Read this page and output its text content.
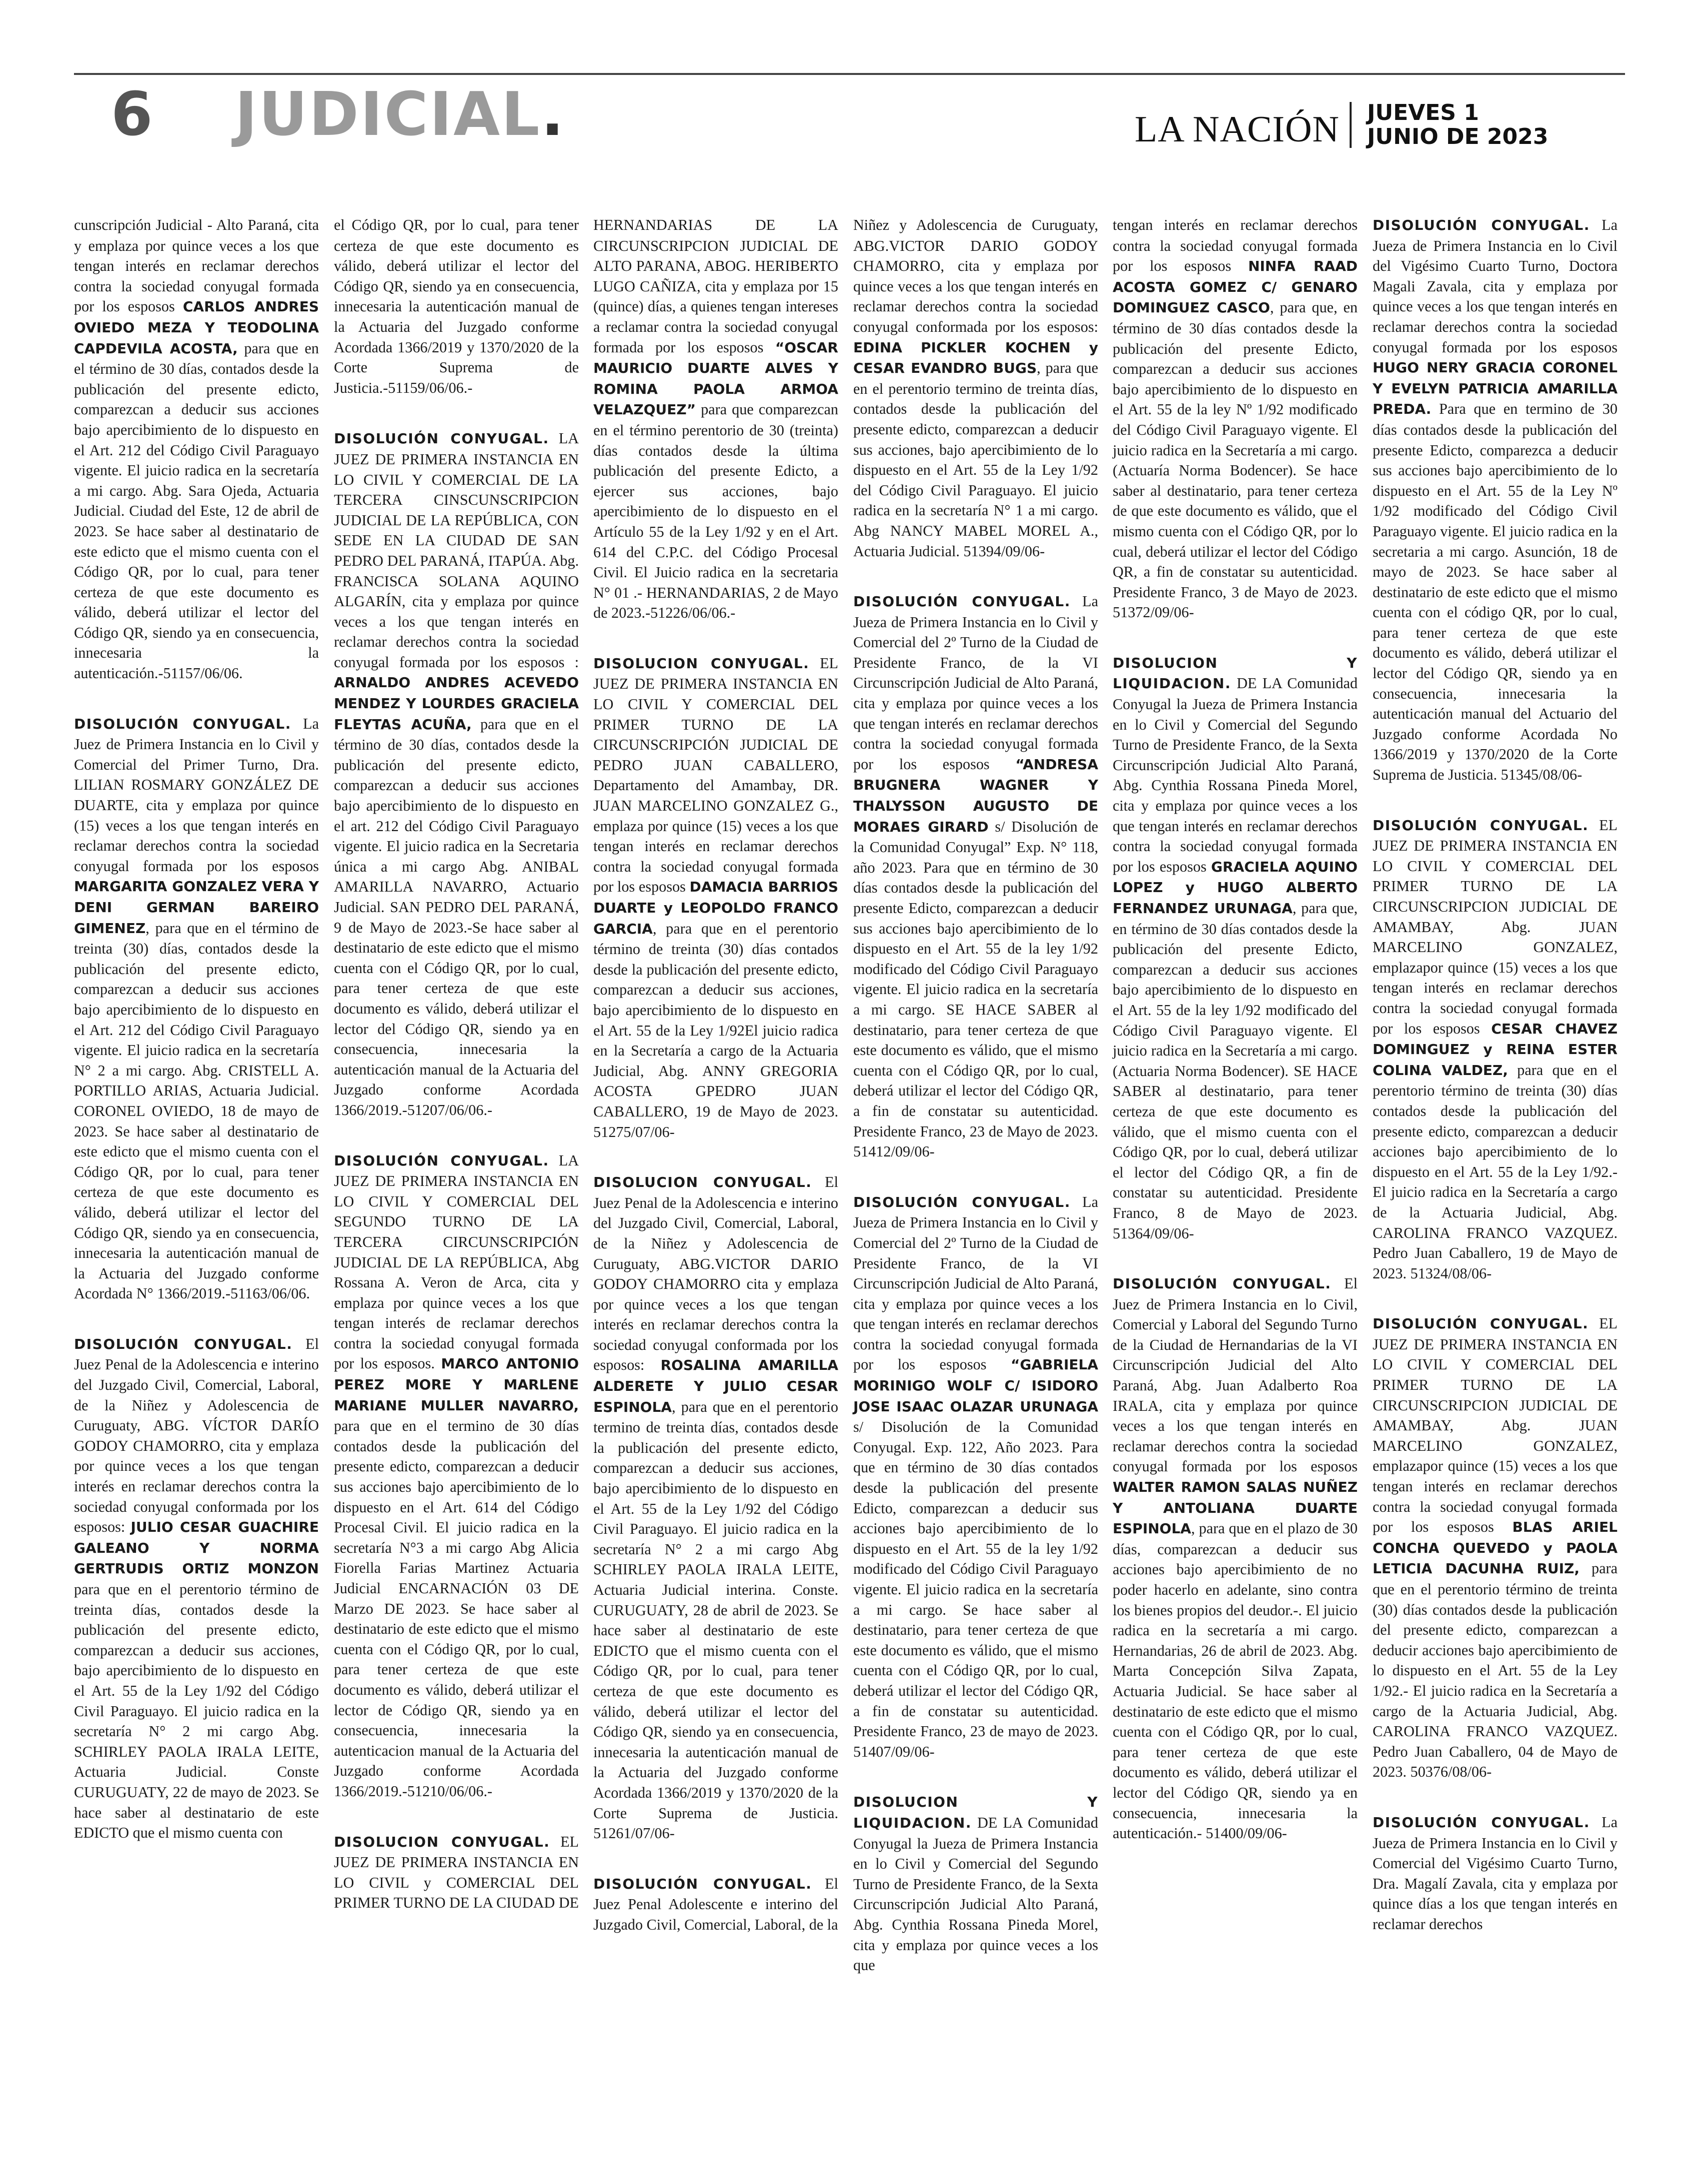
6 JUDICIAL.	LA NACIÓN JUEVES 1
JUNIO DE 2023

cunscripción Judicial - Alto Paraná, cita y emplaza por quince veces a los que tengan interés en reclamar derechos contra la sociedad conyugal formada por los esposos CARLOS ANDRES OVIEDO MEZA Y TEODOLINA CAPDEVILA ACOSTA, para que en el término de 30 días, contados desde la publicación del presente edicto, comparezcan a deducir sus acciones bajo apercibimiento de lo dispuesto en el Art. 212 del Código Civil Paraguayo vigente. El juicio radica en la secretaría a mi cargo. Abg. Sara Ojeda, Actuaria Judicial. Ciudad del Este, 12 de abril de 2023. Se hace saber al destinatario de este edicto que el mismo cuenta con el Código QR, por lo cual, para tener certeza de que este documento es válido, deberá utilizar el lector del Código QR, siendo ya en consecuencia, innecesaria la autenticación.-51157/06/06.

DISOLUCIÓN CONYUGAL. La Juez de Primera Instancia en lo Civil y Comercial del Primer Turno, Dra. LILIAN ROSMARY GONZÁLEZ DE DUARTE, cita y emplaza por quince (15) veces a los que tengan interés en reclamar derechos contra la sociedad conyugal formada por los esposos MARGARITA GONZALEZ VERA Y DENI GERMAN BAREIRO GIMENEZ, para que en el término de treinta (30) días, contados desde la publicación del presente edicto, comparezcan a deducir sus acciones bajo apercibimiento de lo dispuesto en el Art. 212 del Código Civil Paraguayo vigente. El juicio radica en la secretaría N° 2 a mi cargo. Abg. CRISTELL A. PORTILLO ARIAS, Actuaria Judicial. CORONEL OVIEDO, 18 de mayo de 2023. Se hace saber al destinatario de este edicto que el mismo cuenta con el Código QR, por lo cual, para tener certeza de que este documento es válido, deberá utilizar el lector del Código QR, siendo ya en consecuencia, innecesaria la autenticación manual de la Actuaria del Juzgado conforme Acordada N° 1366/2019.-51163/06/06.

DISOLUCIÓN CONYUGAL. El Juez Penal de la Adolescencia e interino del Juzgado Civil, Comercial, Laboral, de la Niñez y Adolescencia de Curuguaty, ABG. VÍCTOR DARÍO GODOY CHAMORRO, cita y emplaza por quince veces a los que tengan interés en reclamar derechos contra la sociedad conyugal conformada por los esposos: JULIO CESAR GUACHIRE GALEANO Y NORMA GERTRUDIS ORTIZ MONZON para que en el perentorio término de treinta días, contados desde la publicación del presente edicto, comparezcan a deducir sus acciones, bajo apercibimiento de lo dispuesto en el Art. 55 de la Ley 1/92 del Código Civil Paraguayo. El juicio radica en la secretaría N° 2 mi cargo Abg. SCHIRLEY PAOLA IRALA LEITE, Actuaria Judicial. Conste CURUGUATY, 22 de mayo de 2023. Se hace saber al destinatario de este EDICTO que el mismo cuenta con

el Código QR, por lo cual, para tener certeza de que este documento es válido, deberá utilizar el lector del Código QR, siendo ya en consecuencia, innecesaria la autenticación manual de la Actuaria del Juzgado conforme Acordada 1366/2019 y 1370/2020 de la Corte Suprema de Justicia.-51159/06/06.-

DISOLUCIÓN CONYUGAL. LA JUEZ DE PRIMERA INSTANCIA EN LO CIVIL Y COMERCIAL DE LA TERCERA CINSCUNSCRIPCION JUDICIAL DE LA REPÚBLICA, CON SEDE EN LA CIUDAD DE SAN PEDRO DEL PARANÁ, ITAPÚA. Abg. FRANCISCA SOLANA AQUINO ALGARÍN, cita y emplaza por quince veces a los que tengan interés en reclamar derechos contra la sociedad conyugal formada por los esposos : ARNALDO ANDRES ACEVEDO MENDEZ Y LOURDES GRACIELA FLEYTAS ACUÑA, para que en el término de 30 días, contados desde la publicación del presente edicto, comparezcan a deducir sus acciones bajo apercibimiento de lo dispuesto en el art. 212 del Código Civil Paraguayo vigente. El juicio radica en la Secretaria única a mi cargo Abg. ANIBAL AMARILLA NAVARRO, Actuario Judicial. SAN PEDRO DEL PARANÁ, 9 de Mayo de 2023.-Se hace saber al destinatario de este edicto que el mismo cuenta con el Código QR, por lo cual, para tener certeza de que este documento es válido, deberá utilizar el lector del Código QR, siendo ya en consecuencia, innecesaria la autenticación manual de la Actuaria del Juzgado conforme Acordada 1366/2019.-51207/06/06.-

DISOLUCIÓN CONYUGAL. LA JUEZ DE PRIMERA INSTANCIA EN LO CIVIL Y COMERCIAL DEL SEGUNDO TURNO DE LA TERCERA CIRCUNSCRIPCIÓN JUDICIAL DE LA REPÚBLICA, Abg Rossana A. Veron de Arca, cita y emplaza por quince veces a los que tengan interés de reclamar derechos contra la sociedad conyugal formada por los esposos. MARCO ANTONIO PEREZ MORE Y MARLENE MARIANE MULLER NAVARRO, para que en el termino de 30 días contados desde la publicación del presente edicto, comparezcan a deducir sus acciones bajo apercibimiento de lo dispuesto en el Art. 614 del Código Procesal Civil. El juicio radica en la secretaría N°3 a mi cargo Abg Alicia Fiorella Farias Martinez Actuaria Judicial ENCARNACIÓN 03 DE Marzo DE 2023. Se hace saber al destinatario de este edicto que el mismo cuenta con el Código QR, por lo cual, para tener certeza de que este documento es válido, deberá utilizar el lector de Código QR, siendo ya en consecuencia, innecesaria la autenticacion manual de la Actuaria del Juzgado conforme Acordada 1366/2019.-51210/06/06.-

DISOLUCION CONYUGAL. EL JUEZ DE PRIMERA INSTANCIA EN LO CIVIL y COMERCIAL DEL PRIMER TURNO DE LA CIUDAD DE

HERNANDARIAS DE LA CIRCUNSCRIPCION JUDICIAL DE ALTO PARANA, ABOG. HERIBERTO LUGO CAÑIZA, cita y emplaza por 15 (quince) días, a quienes tengan intereses a reclamar contra la sociedad conyugal formada por los esposos “OSCAR MAURICIO DUARTE ALVES Y ROMINA PAOLA ARMOA VELAZQUEZ” para que comparezcan en el término perentorio de 30 (treinta) días contados desde la última publicación del presente Edicto, a ejercer sus acciones, bajo apercibimiento de lo dispuesto en el Artículo 55 de la Ley 1/92 y en el Art. 614 del C.P.C. del Código Procesal Civil. El Juicio radica en la secretaria N° 01 .- HERNANDARIAS, 2 de Mayo de 2023.-51226/06/06.-

DISOLUCION CONYUGAL. EL JUEZ DE PRIMERA INSTANCIA EN LO CIVIL Y COMERCIAL DEL PRIMER TURNO DE LA CIRCUNSCRIPCIÓN JUDICIAL DE PEDRO JUAN CABALLERO, Departamento del Amambay, DR. JUAN MARCELINO GONZALEZ G., emplaza por quince (15) veces a los que tengan interés en reclamar derechos contra la sociedad conyugal formada por los esposos DAMACIA BARRIOS DUARTE y LEOPOLDO FRANCO GARCIA, para que en el perentorio término de treinta (30) días contados desde la publicación del presente edicto, comparezcan a deducir sus acciones, bajo apercibimiento de lo dispuesto en el Art. 55 de la Ley 1/92El juicio radica en la Secretaría a cargo de la Actuaria Judicial, Abg. ANNY GREGORIA ACOSTA GPEDRO JUAN CABALLERO, 19 de Mayo de 2023. 51275/07/06-

DISOLUCION CONYUGAL. El Juez Penal de la Adolescencia e interino del Juzgado Civil, Comercial, Laboral, de la Niñez y Adolescencia de Curuguaty, ABG.VICTOR DARIO GODOY CHAMORRO cita y emplaza por quince veces a los que tengan interés en reclamar derechos contra la sociedad conyugal conformada por los esposos: ROSALINA AMARILLA ALDERETE Y JULIO CESAR ESPINOLA, para que en el perentorio termino de treinta días, contados desde la publicación del presente edicto, comparezcan a deducir sus acciones, bajo apercibimiento de lo dispuesto en el Art. 55 de la Ley 1/92 del Código Civil Paraguayo. El juicio radica en la secretaría N° 2 a mi cargo Abg SCHIRLEY PAOLA IRALA LEITE, Actuaria Judicial interina. Conste. CURUGUATY, 28 de abril de 2023. Se hace saber al destinatario de este EDICTO que el mismo cuenta con el Código QR, por lo cual, para tener certeza de que este documento es válido, deberá utilizar el lector del Código QR, siendo ya en consecuencia, innecesaria la autenticación manual de la Actuaria del Juzgado conforme Acordada 1366/2019 y 1370/2020 de la Corte Suprema de Justicia. 51261/07/06-

DISOLUCIÓN CONYUGAL. El Juez Penal Adolescente e interino del Juzgado Civil, Comercial, Laboral, de la

Niñez y Adolescencia de Curuguaty, ABG.VICTOR DARIO GODOY CHAMORRO, cita y emplaza por quince veces a los que tengan interés en reclamar derechos contra la sociedad conyugal conformada por los esposos: EDINA PICKLER KOCHEN y CESAR EVANDRO BUGS, para que en el perentorio termino de treinta días, contados desde la publicación del presente edicto, comparezcan a deducir sus acciones, bajo apercibimiento de lo dispuesto en el Art. 55 de la Ley 1/92 del Código Civil Paraguayo. El juicio radica en la secretaría N° 1 a mi cargo. Abg NANCY MABEL MOREL A., Actuaria Judicial. 51394/09/06-

DISOLUCIÓN CONYUGAL. La Jueza de Primera Instancia en lo Civil y Comercial del 2º Turno de la Ciudad de Presidente Franco, de la VI Circunscripción Judicial de Alto Paraná, cita y emplaza por quince veces a los que tengan interés en reclamar derechos contra la sociedad conyugal formada por los esposos “ANDRESA BRUGNERA WAGNER Y THALYSSON AUGUSTO DE MORAES GIRARD s/ Disolución de la Comunidad Conyugal” Exp. N° 118, año 2023. Para que en término de 30 días contados desde la publicación del presente Edicto, comparezcan a deducir sus acciones bajo apercibimiento de lo dispuesto en el Art. 55 de la ley 1/92 modificado del Código Civil Paraguayo vigente. El juicio radica en la secretaría a mi cargo. SE HACE SABER al destinatario, para tener certeza de que este documento es válido, que el mismo cuenta con el Código QR, por lo cual, deberá utilizar el lector del Código QR, a fin de constatar su autenticidad. Presidente Franco, 23 de Mayo de 2023. 51412/09/06-

DISOLUCIÓN CONYUGAL. La Jueza de Primera Instancia en lo Civil y Comercial del 2º Turno de la Ciudad de Presidente Franco, de la VI Circunscripción Judicial de Alto Paraná, cita y emplaza por quince veces a los que tengan interés en reclamar derechos contra la sociedad conyugal formada por los esposos “GABRIELA MORINIGO WOLF C/ ISIDORO JOSE ISAAC OLAZAR URUNAGA s/ Disolución de la Comunidad Conyugal. Exp. 122, Año 2023. Para que en término de 30 días contados desde la publicación del presente Edicto, comparezcan a deducir sus acciones bajo apercibimiento de lo dispuesto en el Art. 55 de la ley 1/92 modificado del Código Civil Paraguayo vigente. El juicio radica en la secretaría a mi cargo. Se hace saber al destinatario, para tener certeza de que este documento es válido, que el mismo cuenta con el Código QR, por lo cual, deberá utilizar el lector del Código QR, a fin de constatar su autenticidad. Presidente Franco, 23 de mayo de 2023. 51407/09/06-

DISOLUCION Y LIQUIDACION. DE LA Comunidad Conyugal la Jueza de Primera Instancia en lo Civil y Comercial del Segundo Turno de Presidente Franco, de la Sexta Circunscripción Judicial Alto Paraná, Abg. Cynthia Rossana Pineda Morel, cita y emplaza por quince veces a los que

tengan interés en reclamar derechos contra la sociedad conyugal formada por los esposos NINFA RAAD ACOSTA GOMEZ C/ GENARO DOMINGUEZ CASCO, para que, en término de 30 días contados desde la publicación del presente Edicto, comparezcan a deducir sus acciones bajo apercibimiento de lo dispuesto en el Art. 55 de la ley Nº 1/92 modificado del Código Civil Paraguayo vigente. El juicio radica en la Secretaría a mi cargo. (Actuaría Norma Bodencer). Se hace saber al destinatario, para tener certeza de que este documento es válido, que el mismo cuenta con el Código QR, por lo cual, deberá utilizar el lector del Código QR, a fin de constatar su autenticidad. Presidente Franco, 3 de Mayo de 2023. 51372/09/06-

DISOLUCION Y LIQUIDACION. DE LA Comunidad Conyugal la Jueza de Primera Instancia en lo Civil y Comercial del Segundo Turno de Presidente Franco, de la Sexta Circunscripción Judicial Alto Paraná, Abg. Cynthia Rossana Pineda Morel, cita y emplaza por quince veces a los que tengan interés en reclamar derechos contra la sociedad conyugal formada por los esposos GRACIELA AQUINO LOPEZ y HUGO ALBERTO FERNANDEZ URUNAGA, para que, en término de 30 días contados desde la publicación del presente Edicto, comparezcan a deducir sus acciones bajo apercibimiento de lo dispuesto en el Art. 55 de la ley 1/92 modificado del Código Civil Paraguayo vigente. El juicio radica en la Secretaría a mi cargo. (Actuaria Norma Bodencer). SE HACE SABER al destinatario, para tener certeza de que este documento es válido, que el mismo cuenta con el Código QR, por lo cual, deberá utilizar el lector del Código QR, a fin de constatar su autenticidad. Presidente Franco, 8 de Mayo de 2023. 51364/09/06-

DISOLUCIÓN CONYUGAL. El Juez de Primera Instancia en lo Civil, Comercial y Laboral del Segundo Turno de la Ciudad de Hernandarias de la VI Circunscripción Judicial del Alto Paraná, Abg. Juan Adalberto Roa IRALA, cita y emplaza por quince veces a los que tengan interés en reclamar derechos contra la sociedad conyugal formada por los esposos WALTER RAMON SALAS NUÑEZ Y ANTOLIANA DUARTE ESPINOLA, para que en el plazo de 30 días, comparezcan a deducir sus acciones bajo apercibimiento de no poder hacerlo en adelante, sino contra los bienes propios del deudor.-. El juicio radica en la secretaría a mi cargo. Hernandarias, 26 de abril de 2023. Abg. Marta Concepción Silva Zapata, Actuaria Judicial. Se hace saber al destinatario de este edicto que el mismo cuenta con el Código QR, por lo cual, para tener certeza de que este documento es válido, deberá utilizar el lector del Código QR, siendo ya en consecuencia, innecesaria la autenticación.- 51400/09/06-

DISOLUCIÓN CONYUGAL. La Jueza de Primera Instancia en lo Civil del Vigésimo Cuarto Turno, Doctora Magali Zavala, cita y emplaza por quince veces a los que tengan interés en reclamar derechos contra la sociedad conyugal formada por los esposos HUGO NERY GRACIA CORONEL Y EVELYN PATRICIA AMARILLA PREDA. Para que en termino de 30 días contados desde la publicación del presente Edicto, comparezca a deducir sus acciones bajo apercibimiento de lo dispuesto en el Art. 55 de la Ley Nº 1/92 modificado del Código Civil Paraguayo vigente. El juicio radica en la secretaria a mi cargo. Asunción, 18 de mayo de 2023. Se hace saber al destinatario de este edicto que el mismo cuenta con el código QR, por lo cual, para tener certeza de que este documento es válido, deberá utilizar el lector del Código QR, siendo ya en consecuencia, innecesaria la autenticación manual del Actuario del Juzgado conforme Acordada No 1366/2019 y 1370/2020 de la Corte Suprema de Justicia. 51345/08/06-

DISOLUCIÓN CONYUGAL. EL JUEZ DE PRIMERA INSTANCIA EN LO CIVIL Y COMERCIAL DEL PRIMER TURNO DE LA CIRCUNSCRIPCION JUDICIAL DE AMAMBAY, Abg. JUAN MARCELINO GONZALEZ, emplazapor quince (15) veces a los que tengan interés en reclamar derechos contra la sociedad conyugal formada por los esposos CESAR CHAVEZ DOMINGUEZ y REINA ESTER COLINA VALDEZ, para que en el perentorio término de treinta (30) días contados desde la publicación del presente edicto, comparezcan a deducir acciones bajo apercibimiento de lo dispuesto en el Art. 55 de la Ley 1/92.- El juicio radica en la Secretaría a cargo de la Actuaria Judicial, Abg. CAROLINA FRANCO VAZQUEZ. Pedro Juan Caballero, 19 de Mayo de 2023. 51324/08/06-

DISOLUCIÓN CONYUGAL. EL JUEZ DE PRIMERA INSTANCIA EN LO CIVIL Y COMERCIAL DEL PRIMER TURNO DE LA CIRCUNSCRIPCION JUDICIAL DE AMAMBAY, Abg. JUAN MARCELINO GONZALEZ, emplazapor quince (15) veces a los que tengan interés en reclamar derechos contra la sociedad conyugal formada por los esposos BLAS ARIEL CONCHA QUEVEDO y PAOLA LETICIA DACUNHA RUIZ, para que en el perentorio término de treinta (30) días contados desde la publicación del presente edicto, comparezcan a deducir acciones bajo apercibimiento de lo dispuesto en el Art. 55 de la Ley 1/92.- El juicio radica en la Secretaría a cargo de la Actuaria Judicial, Abg. CAROLINA FRANCO VAZQUEZ. Pedro Juan Caballero, 04 de Mayo de 2023. 50376/08/06-

DISOLUCIÓN CONYUGAL. La Jueza de Primera Instancia en lo Civil y Comercial del Vigésimo Cuarto Turno, Dra. Magalí Zavala, cita y emplaza por quince días a los que tengan interés en reclamar derechos
